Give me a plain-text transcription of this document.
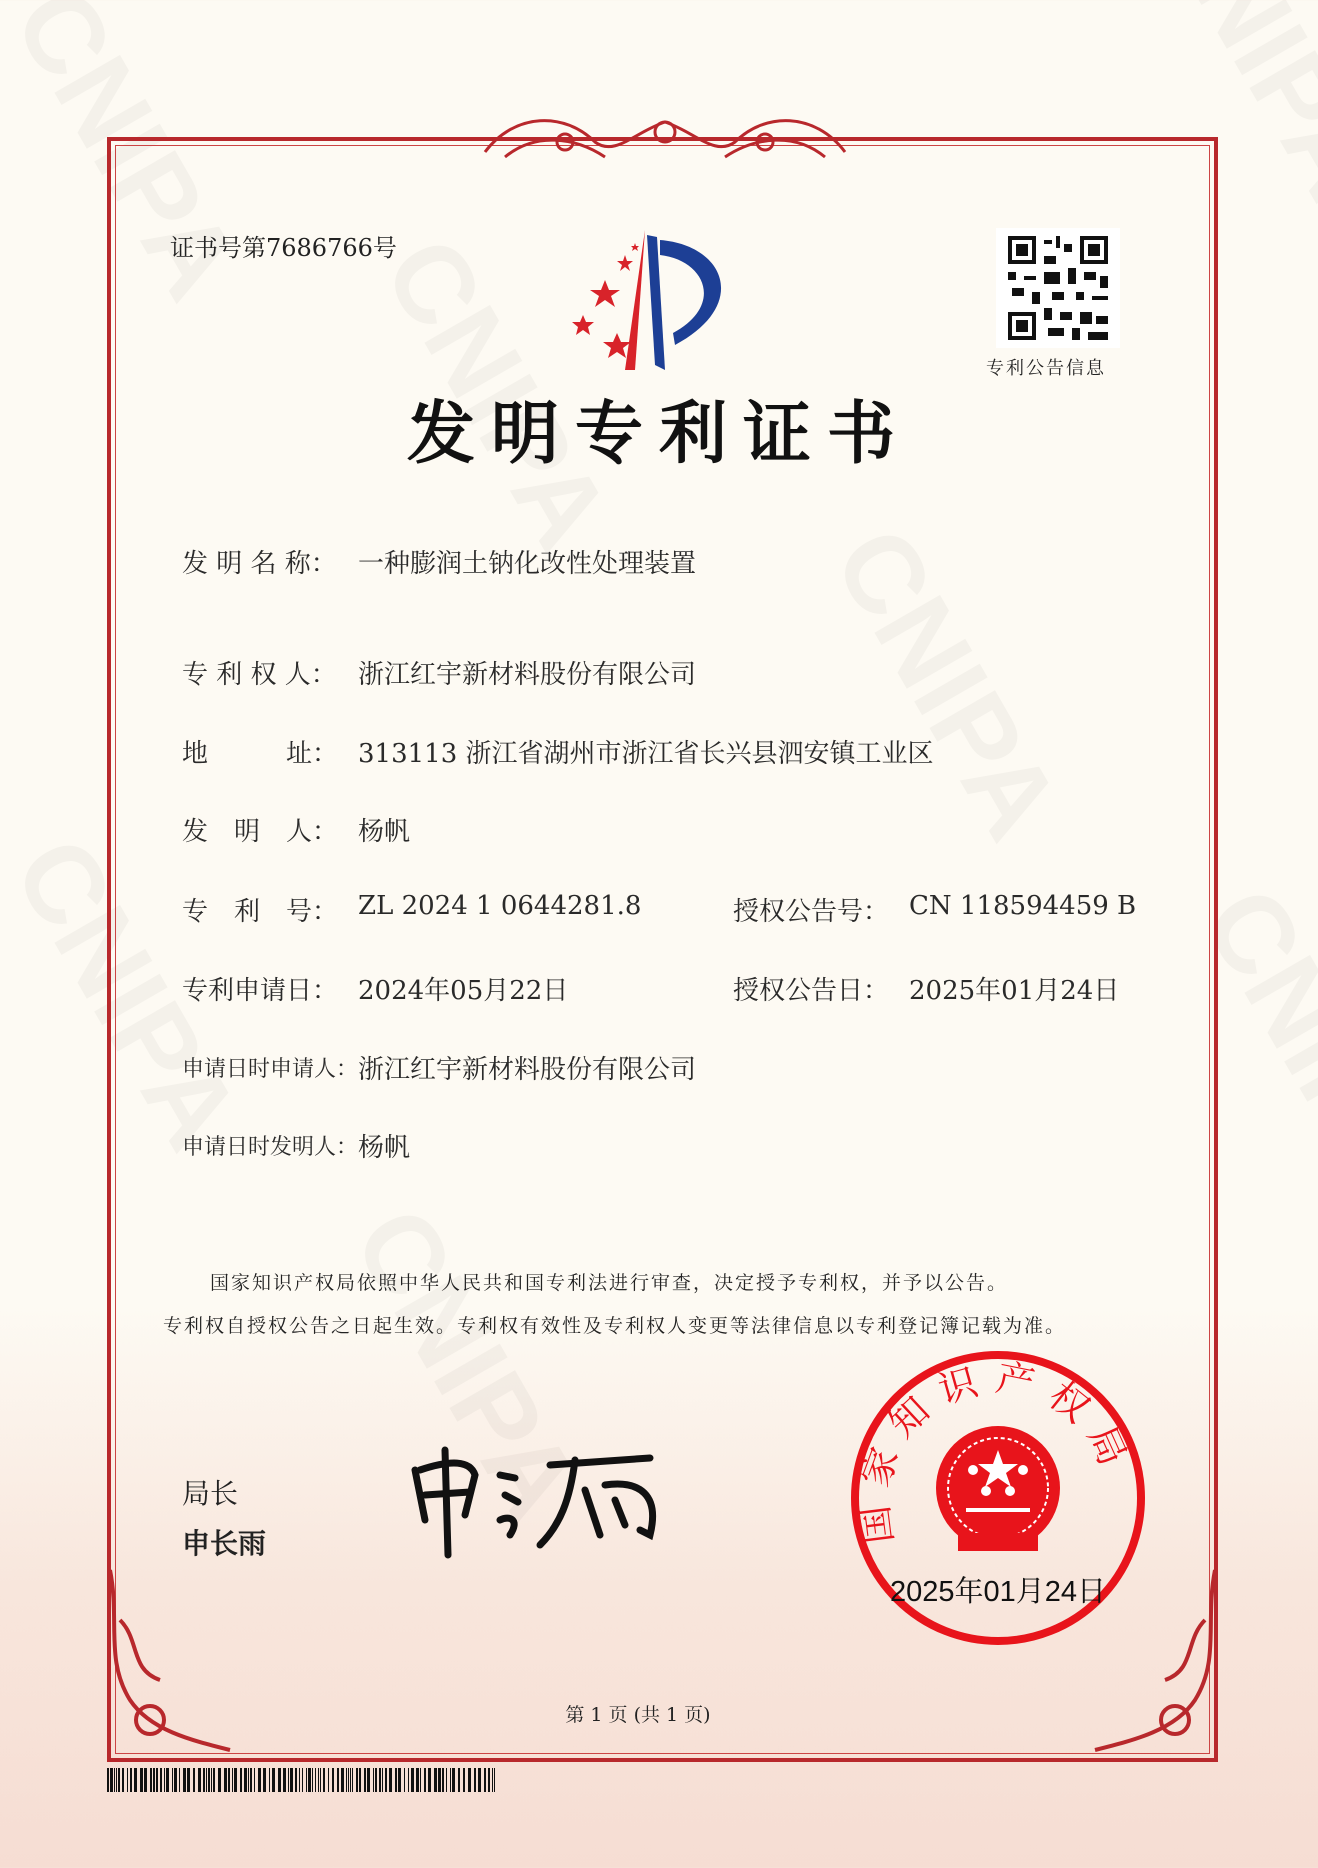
证书号第7686766号
专利公告信息
发明专利证书
发 明 名 称： 一种膨润土钠化改性处理装置
专 利 权 人： 浙江红宇新材料股份有限公司
地　　　址： 313113 浙江省湖州市浙江省长兴县泗安镇工业区
发　明　人： 杨帆
专　利　号： ZL 2024 1 0644281.8	授权公告号： CN 118594459 B
专利申请日： 2024年05月22日	授权公告日： 2025年01月24日
申请日时申请人： 浙江红宇新材料股份有限公司
申请日时发明人： 杨帆
国家知识产权局依照中华人民共和国专利法进行审查，决定授予专利权，并予以公告。
专利权自授权公告之日起生效。专利权有效性及专利权人变更等法律信息以专利登记簿记载为准。
局长
申长雨	国家知识产权局
2025年01月24日
第 1 页 (共 1 页)
